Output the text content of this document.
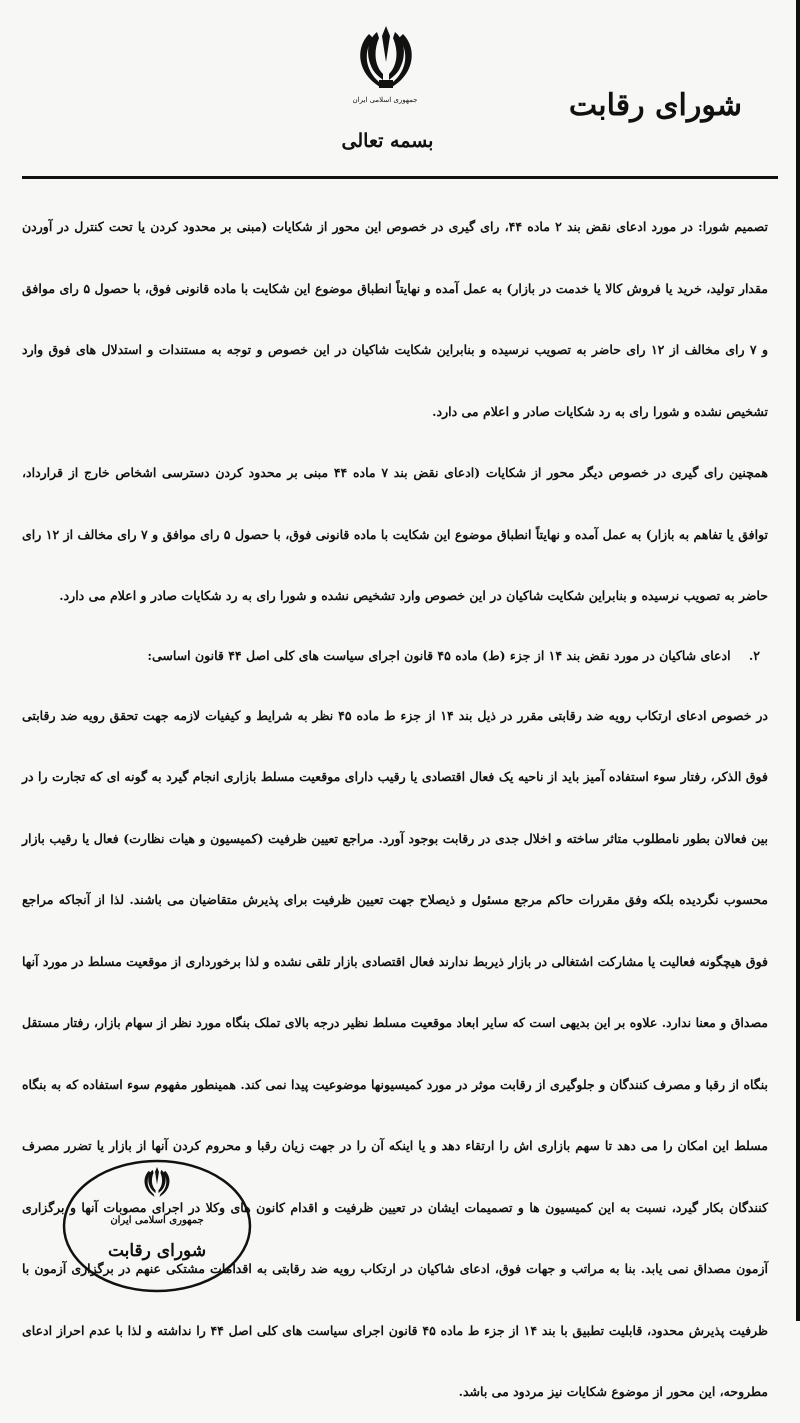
جمهوری اسلامی ایران	شورای رقابت
بسمه تعالی

تصمیم شورا: در مورد ادعای نقض بند ۲ ماده ۴۴، رای گیری در خصوص این محور از شکایات (مبنی بر محدود کردن یا تحت کنترل در آوردن مقدار تولید، خرید یا فروش کالا یا خدمت در بازار) به عمل آمده و نهایتاً انطباق موضوع این شکایت با ماده قانونی فوق، با حصول ۵ رای موافق و ۷ رای مخالف از ۱۲ رای حاضر به تصویب نرسیده و بنابراین شکایت شاکیان در این خصوص و توجه به مستندات و استدلال های فوق وارد تشخیص نشده و شورا رای به رد شکایات صادر و اعلام می دارد.

همچنین رای گیری در خصوص دیگر محور از شکایات (ادعای نقض بند ۷ ماده ۴۴ مبنی بر محدود کردن دسترسی اشخاص خارج از قرارداد، توافق یا تفاهم به بازار) به عمل آمده و نهایتاً انطباق موضوع این شکایت با ماده قانونی فوق، با حصول ۵ رای موافق و ۷ رای مخالف از ۱۲ رای حاضر به تصویب نرسیده و بنابراین شکایت شاکیان در این خصوص وارد تشخیص نشده و شورا رای به رد شکایات صادر و اعلام می دارد.

۲. ادعای شاکیان در مورد نقض بند ۱۴ از جزء (ط) ماده ۴۵ قانون اجرای سیاست های کلی اصل ۴۴ قانون اساسی:

در خصوص ادعای ارتکاب رویه ضد رقابتی مقرر در ذیل بند ۱۴ از جزء ط ماده ۴۵ نظر به شرایط و کیفیات لازمه جهت تحقق رویه ضد رقابتی فوق الذکر، رفتار سوء استفاده آمیز باید از ناحیه یک فعال اقتصادی یا رقیب دارای موقعیت مسلط بازاری انجام گیرد به گونه ای که تجارت را در بین فعالان بطور نامطلوب متاثر ساخته و اخلال جدی در رقابت بوجود آورد. مراجع تعیین ظرفیت (کمیسیون و هیات نظارت) فعال یا رقیب بازار محسوب نگردیده بلکه وفق مقررات حاکم مرجع مسئول و ذیصلاح جهت تعیین ظرفیت برای پذیرش متقاضیان می باشند. لذا از آنجاکه مراجع فوق هیچگونه فعالیت یا مشارکت اشتغالی در بازار ذیربط ندارند فعال اقتصادی بازار تلقی نشده و لذا برخورداری از موقعیت مسلط در مورد آنها مصداق و معنا ندارد. علاوه بر این بدیهی است که سایر ابعاد موقعیت مسلط نظیر درجه بالای تملک بنگاه مورد نظر از سهام بازار، رفتار مستقل بنگاه از رقبا و مصرف کنندگان و جلوگیری از رقابت موثر در مورد کمیسیونها موضوعیت پیدا نمی کند. همینطور مفهوم سوء استفاده که به بنگاه مسلط این امکان را می دهد تا سهم بازاری اش را ارتقاء دهد و یا اینکه آن را در جهت زیان رقبا و محروم کردن آنها از بازار یا تضرر مصرف کنندگان بکار گیرد، نسبت به این کمیسیون ها و تصمیمات ایشان در تعیین ظرفیت و اقدام کانون های وکلا در اجرای مصوبات آنها و برگزاری آزمون مصداق نمی یابد. بنا به مراتب و جهات فوق، ادعای شاکیان در ارتکاب رویه ضد رقابتی به اقدامات مشتکی عنهم در برگزاری آزمون با ظرفیت پذیرش محدود، قابلیت تطبیق با بند ۱۴ از جزء ط ماده ۴۵ قانون اجرای سیاست های کلی اصل ۴۴ را نداشته و لذا با عدم احراز ادعای مطروحه، این محور از موضوع شکایات نیز مردود می باشد.

جمهوری اسلامی ایران
شورای رقابت
